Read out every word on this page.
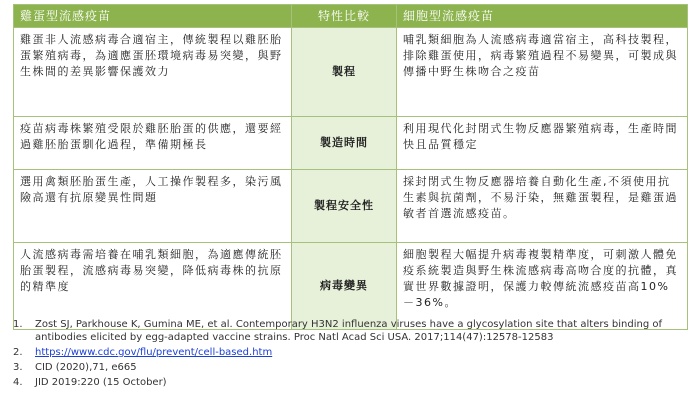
雞蛋型流感疫苗	特性比較	細胞型流感疫苗
雞蛋非人流感病毒合適宿主，傳統製程以雞胚胎蛋繁殖病毒，為適應蛋胚環境病毒易突變，與野生株間的差異影響保護效力	製程	哺乳類細胞為人流感病毒適當宿主，高科技製程，排除雞蛋使用，病毒繁殖過程不易變異，可製成與傳播中野生株吻合之疫苗
疫苗病毒株繁殖受限於雞胚胎蛋的供應，還要經過雞胚胎蛋馴化過程，準備期極長	製造時間	利用現代化封閉式生物反應器繁殖病毒，生產時間快且品質穩定
選用禽類胚胎蛋生產，人工操作製程多，染污風險高還有抗原變異性問題	製程安全性	採封閉式生物反應器培養自動化生產,不須使用抗生素與抗菌劑，不易汙染，無雞蛋製程，是雞蛋過敏者首選流感疫苗。
人流感病毒需培養在哺乳類細胞，為適應傳統胚胎蛋製程，流感病毒易突變，降低病毒株的抗原的精準度	病毒變異	細胞製程大幅提升病毒複製精準度，可刺激人體免疫系統製造與野生株流感病毒高吻合度的抗體，真實世界數據證明，保護力較傳統流感疫苗高10%－36%。
1.	Zost SJ, Parkhouse K, Gumina ME, et al. Contemporary H3N2 influenza viruses have a glycosylation site that alters binding of antibodies elicited by egg-adapted vaccine strains. Proc Natl Acad Sci USA. 2017;114(47):12578-12583
2.	https://www.cdc.gov/flu/prevent/cell-based.htm
3.	CID (2020),71, e665
4.	JID 2019:220 (15 October)
